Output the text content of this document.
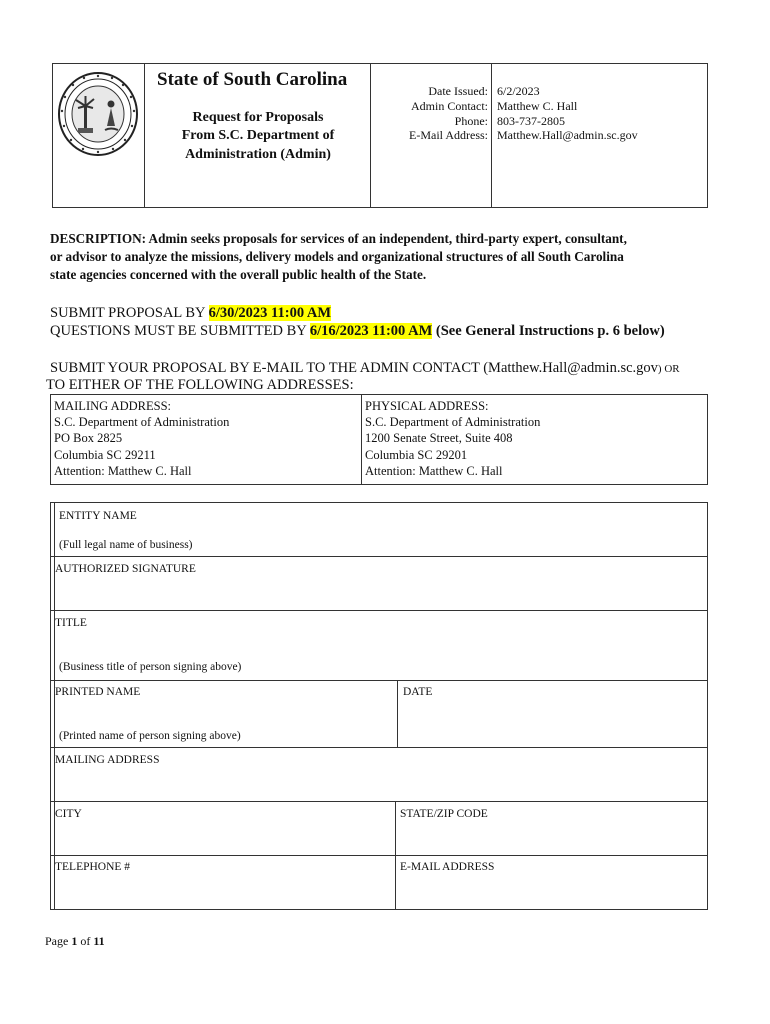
State of South Carolina
Request for Proposals
From S.C. Department of
Administration (Admin)
Date Issued: 6/2/2023
Admin Contact: Matthew C. Hall
Phone: 803-737-2805
E-Mail Address: Matthew.Hall@admin.sc.gov
DESCRIPTION: Admin seeks proposals for services of an independent, third-party expert, consultant,
or advisor to analyze the missions, delivery models and organizational structures of all South Carolina
state agencies concerned with the overall public health of the State.
SUBMIT PROPOSAL BY 6/30/2023 11:00 AM
QUESTIONS MUST BE SUBMITTED BY 6/16/2023 11:00 AM (See General Instructions p. 6 below)
SUBMIT YOUR PROPOSAL BY E-MAIL TO THE ADMIN CONTACT (Matthew.Hall@admin.sc.gov) OR
TO EITHER OF THE FOLLOWING ADDRESSES:
MAILING ADDRESS:
S.C. Department of Administration
PO Box 2825
Columbia SC 29211
Attention: Matthew C. Hall
PHYSICAL ADDRESS:
S.C. Department of Administration
1200 Senate Street, Suite 408
Columbia SC 29201
Attention: Matthew C. Hall
ENTITY NAME
(Full legal name of business)
AUTHORIZED SIGNATURE
TITLE
(Business title of person signing above)
PRINTED NAME
(Printed name of person signing above)
DATE
MAILING ADDRESS
CITY	STATE/ZIP CODE
TELEPHONE #	E-MAIL ADDRESS
Page 1 of 11
